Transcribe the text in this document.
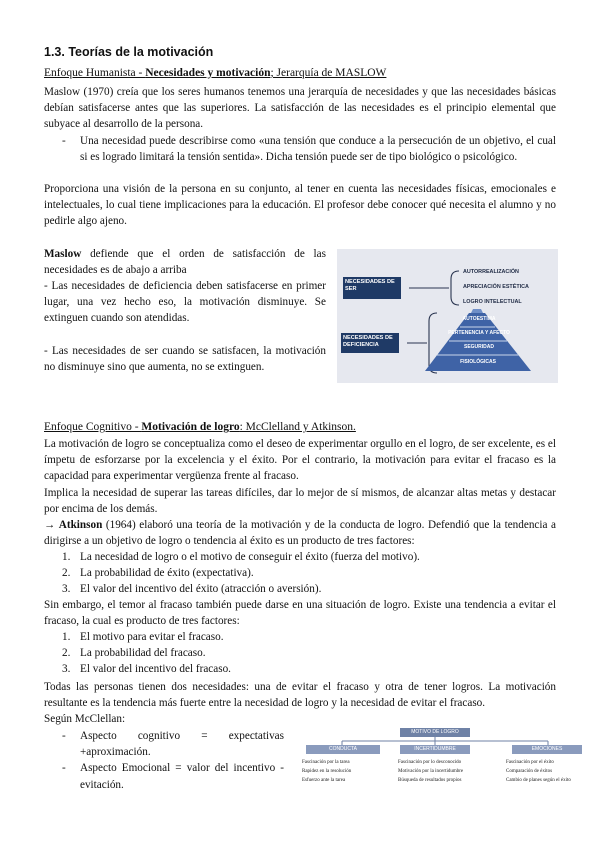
1.3. Teorías de la motivación
Enfoque Humanista - Necesidades y motivación; Jerarquía de MASLOW
Maslow (1970) creía que los seres humanos tenemos una jerarquía de necesidades y que las necesidades básicas debían satisfacerse antes que las superiores. La satisfacción de las necesidades es el principio elemental que subyace al desarrollo de la persona.
- Una necesidad puede describirse como «una tensión que conduce a la persecución de un objetivo, el cual si es logrado limitará la tensión sentida». Dicha tensión puede ser de tipo biológico o psicológico.
Proporciona una visión de la persona en su conjunto, al tener en cuenta las necesidades físicas, emocionales e intelectuales, lo cual tiene implicaciones para la educación. El profesor debe conocer qué necesita el alumno y no pedirle algo ajeno.
Maslow defiende que el orden de satisfacción de las necesidades es de abajo a arriba
- Las necesidades de deficiencia deben satisfacerse en primer lugar, una vez hecho eso, la motivación disminuye. Se extinguen cuando son atendidas.
- Las necesidades de ser cuando se satisfacen, la motivación no disminuye sino que aumenta, no se extinguen.
NECESIDADES DE SER
NECESIDADES DE DEFICIENCIA
AUTORREALIZACIÓN
APRECIACIÓN ESTÉTICA
LOGRO INTELECTUAL
AUTOESTIMA
PERTENENCIA Y AFECTO
SEGURIDAD
FISIOLÓGICAS
Enfoque Cognitivo - Motivación de logro: McClelland y Atkinson.
La motivación de logro se conceptualiza como el deseo de experimentar orgullo en el logro, de ser excelente, es el ímpetu de esforzarse por la excelencia y el éxito. Por el contrario, la motivación para evitar el fracaso es la capacidad para experimentar vergüenza frente al fracaso.
Implica la necesidad de superar las tareas difíciles, dar lo mejor de sí mismos, de alcanzar altas metas y destacar por encima de los demás.
→ Atkinson (1964) elaboró una teoría de la motivación y de la conducta de logro. Defendió que la tendencia a dirigirse a un objetivo de logro o tendencia al éxito es un producto de tres factores:
1. La necesidad de logro o el motivo de conseguir el éxito (fuerza del motivo).
2. La probabilidad de éxito (expectativa).
3. El valor del incentivo del éxito (atracción o aversión).
Sin embargo, el temor al fracaso también puede darse en una situación de logro. Existe una tendencia a evitar el fracaso, la cual es producto de tres factores:
1. El motivo para evitar el fracaso.
2. La probabilidad del fracaso.
3. El valor del incentivo del fracaso.
Todas las personas tienen dos necesidades: una de evitar el fracaso y otra de tener logros. La motivación resultante es la tendencia más fuerte entre la necesidad de logro y la necesidad de evitar el fracaso.
Según McClellan:
- Aspecto cognitivo = expectativas +aproximación.
- Aspecto Emocional = valor del incentivo -evitación.
MOTIVO DE LOGRO
CONDUCTA	INCERTIDUMBRE	EMOCIONES
Fascinación por la tarea
Rapidez en la resolución
Esfuerzo ante la tarea
Fascinación por lo desconocido
Motivación por la incertidumbre
Búsqueda de resultados propios
Fascinación por el éxito
Comparación de éxitos
Cambio de planes según el éxito
